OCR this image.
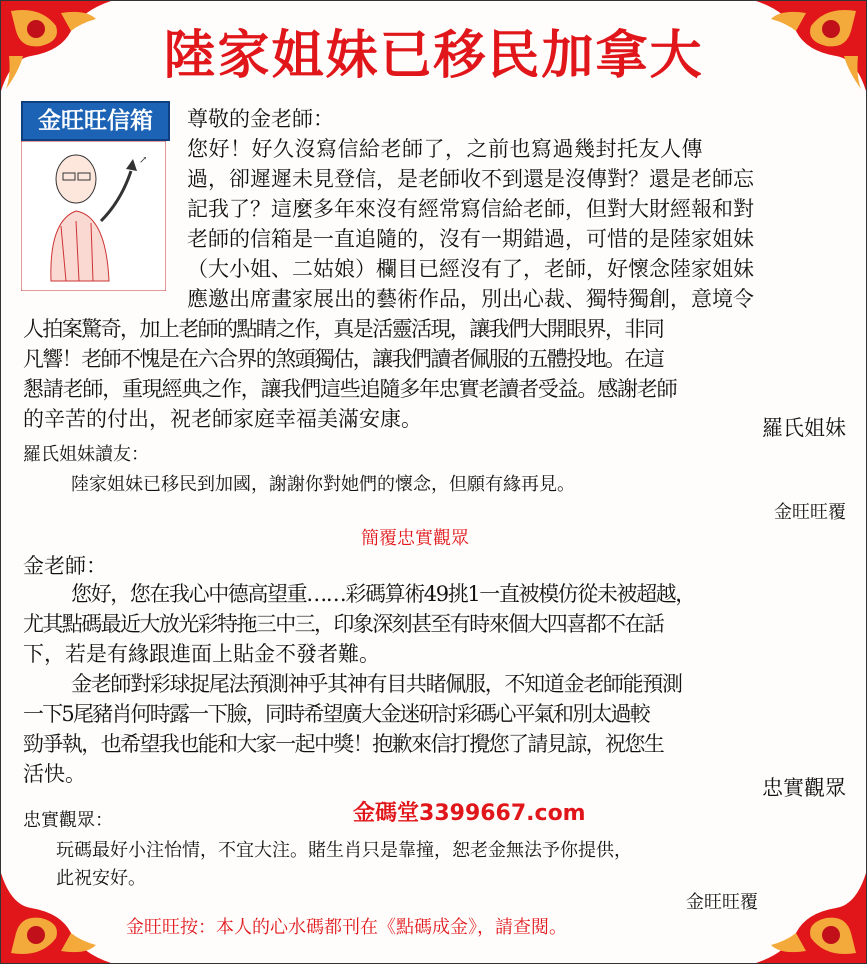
陸家姐妹已移民加拿大
金旺旺信箱
↗
尊敬的金老師：
您好！好久沒寫信給老師了，之前也寫過幾封托友人傳
過，卻遲遲未見登信，是老師收不到還是沒傳對？還是老師忘
記我了？這麼多年來沒有經常寫信給老師，但對大財經報和對
老師的信箱是一直追隨的，沒有一期錯過，可惜的是陸家姐妹
（大小姐、二姑娘）欄目已經沒有了，老師，好懷念陸家姐妹
應邀出席畫家展出的藝術作品，別出心裁、獨特獨創，意境令
人拍案驚奇，加上老師的點睛之作，真是活靈活現，讓我們大開眼界，非同
凡響！老師不愧是在六合界的煞頭獨估，讓我們讀者佩服的五體投地。在這
懇請老師，重現經典之作，讓我們這些追隨多年忠實老讀者受益。感謝老師
的辛苦的付出，祝老師家庭幸福美滿安康。	羅氏姐妹
羅氏姐妹讀友：
陸家姐妹已移民到加國，謝謝你對她們的懷念，但願有緣再見。
金旺旺覆
簡覆忠實觀眾
金老師：
您好，您在我心中德高望重……彩碼算術49挑1一直被模仿從未被超越，
尤其點碼最近大放光彩特拖三中三，印象深刻甚至有時來個大四喜都不在話
下，若是有緣跟進面上貼金不發者難。
金老師對彩球捉尾法預測神乎其神有目共睹佩服，不知道金老師能預測
一下5尾豬肖何時露一下臉，同時希望廣大金迷研討彩碼心平氣和別太過較
勁爭執，也希望我也能和大家一起中獎！抱歉來信打攪您了請見諒，祝您生
活快。
忠實觀眾
金碼堂3399667.com
忠實觀眾：
玩碼最好小注怡情，不宜大注。賭生肖只是靠撞，恕老金無法予你提供，
此祝安好。
金旺旺覆
金旺旺按：本人的心水碼都刊在《點碼成金》，請查閱。
